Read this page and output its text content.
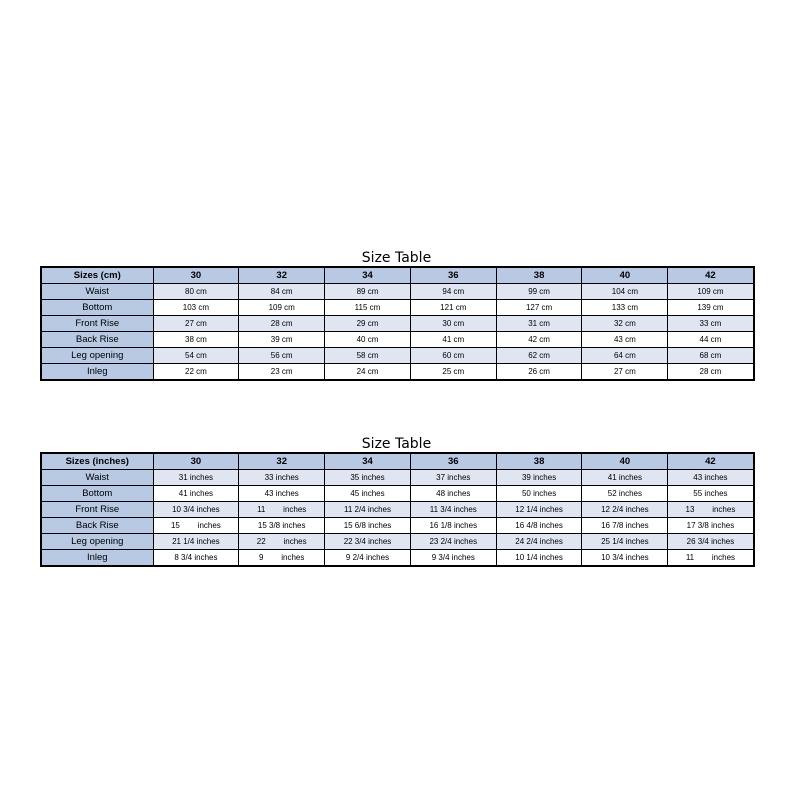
Size Table
Sizes (cm)	30	32	34	36	38	40	42
Waist	80 cm	84 cm	89 cm	94 cm	99 cm	104 cm	109 cm
Bottom	103 cm	109 cm	115 cm	121 cm	127 cm	133 cm	139 cm
Front Rise	27 cm	28 cm	29 cm	30 cm	31 cm	32 cm	33 cm
Back Rise	38 cm	39 cm	40 cm	41 cm	42 cm	43 cm	44 cm
Leg opening	54 cm	56 cm	58 cm	60 cm	62 cm	64 cm	68 cm
Inleg	22 cm	23 cm	24 cm	25 cm	26 cm	27 cm	28 cm
Size Table
Sizes (inches)	30	32	34	36	38	40	42
Waist	31 inches	33 inches	35 inches	37 inches	39 inches	41 inches	43 inches
Bottom	41 inches	43 inches	45 inches	48 inches	50 inches	52 inches	55 inches
Front Rise	10 3/4 inches	11        inches	11 2/4 inches	11 3/4 inches	12 1/4 inches	12 2/4 inches	13        inches
Back Rise	15        inches	15 3/8 inches	15 6/8 inches	16 1/8 inches	16 4/8 inches	16 7/8 inches	17 3/8 inches
Leg opening	21 1/4 inches	22        inches	22 3/4 inches	23 2/4 inches	24 2/4 inches	25 1/4 inches	26 3/4 inches
Inleg	8 3/4 inches	9        inches	9 2/4 inches	9 3/4 inches	10 1/4 inches	10 3/4 inches	11        inches
